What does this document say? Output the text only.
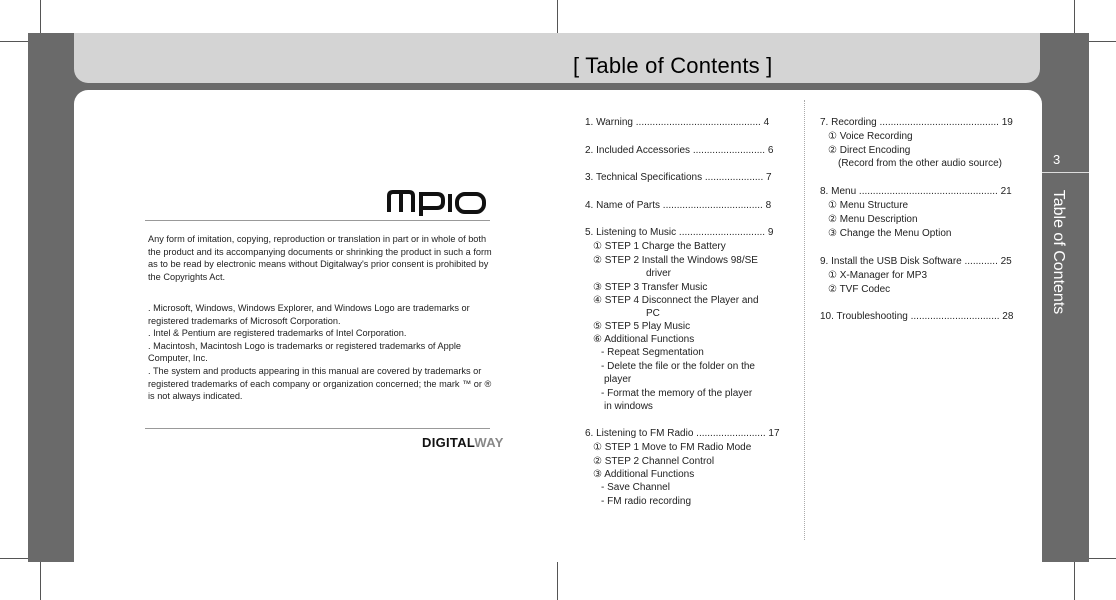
[ Table of Contents ]
3
Table of Contents

Any form of imitation, copying, reproduction or translation in part or in whole of both the product and its accompanying documents or shrinking the product in such a form as to be read by electronic means without Digitalway's prior consent is prohibited by the Copyrights Act.

. Microsoft, Windows, Windows Explorer, and Windows Logo are trademarks or registered trademarks of Microsoft Corporation.

. Intel & Pentium are registered trademarks of Intel Corporation.

. Macintosh, Macintosh Logo is trademarks or registered trademarks of Apple Computer, Inc.

. The system and products appearing in this manual are covered by trademarks or registered trademarks of each company or organization concerned; the mark ™ or ® is not always indicated.

DIGITALWAY
1. Warning ............................................. 4
2. Included Accessories .......................... 6
3. Technical Specifications ..................... 7
4. Name of Parts .................................... 8
5. Listening to Music ............................... 9
① STEP 1 Charge the Battery
② STEP 2 Install the Windows 98/SE
driver
③ STEP 3 Transfer Music
④ STEP 4 Disconnect the Player and
PC
⑤ STEP 5 Play Music
⑥ Additional Functions
- Repeat Segmentation
- Delete the file or the folder on the
player
- Format the memory of the player
in windows
6. Listening to FM Radio ......................... 17
① STEP 1 Move to FM Radio Mode
② STEP 2 Channel Control
③ Additional Functions
- Save Channel
- FM radio recording
7. Recording ........................................... 19
① Voice Recording
② Direct Encoding
(Record from the other audio source)
8. Menu .................................................. 21
① Menu Structure
② Menu Description
③ Change the Menu Option
9. Install the USB Disk Software ............ 25
① X-Manager for MP3
② TVF Codec
10. Troubleshooting ................................ 28
